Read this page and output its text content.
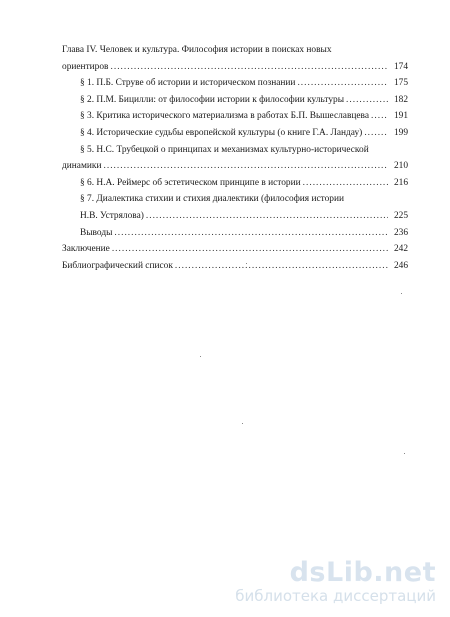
Глава IV. Человек и культура. Философия истории в поисках новых
ориентиров .....	174
§ 1. П.Б. Струве об истории и историческом познании .....	175
§ 2. П.М. Бицилли: от философии истории к философии культуры .....	182
§ 3. Критика исторического материализма в работах Б.П. Вышеславцева .....	191
§ 4. Исторические судьбы европейской культуры (о книге Г.А. Ландау) .....	199
§ 5. Н.С. Трубецкой о принципах и механизмах культурно-исторической
динамики .....	210
§ 6. Н.А. Реймерс об эстетическом принципе в истории .....	216
§ 7. Диалектика стихии и стихия диалектики (философия истории
Н.В. Устрялова) .....	225
Выводы .....	236
Заключение .....	242
Библиографический список .....	246
dsLib.net
библиотека диссертаций
